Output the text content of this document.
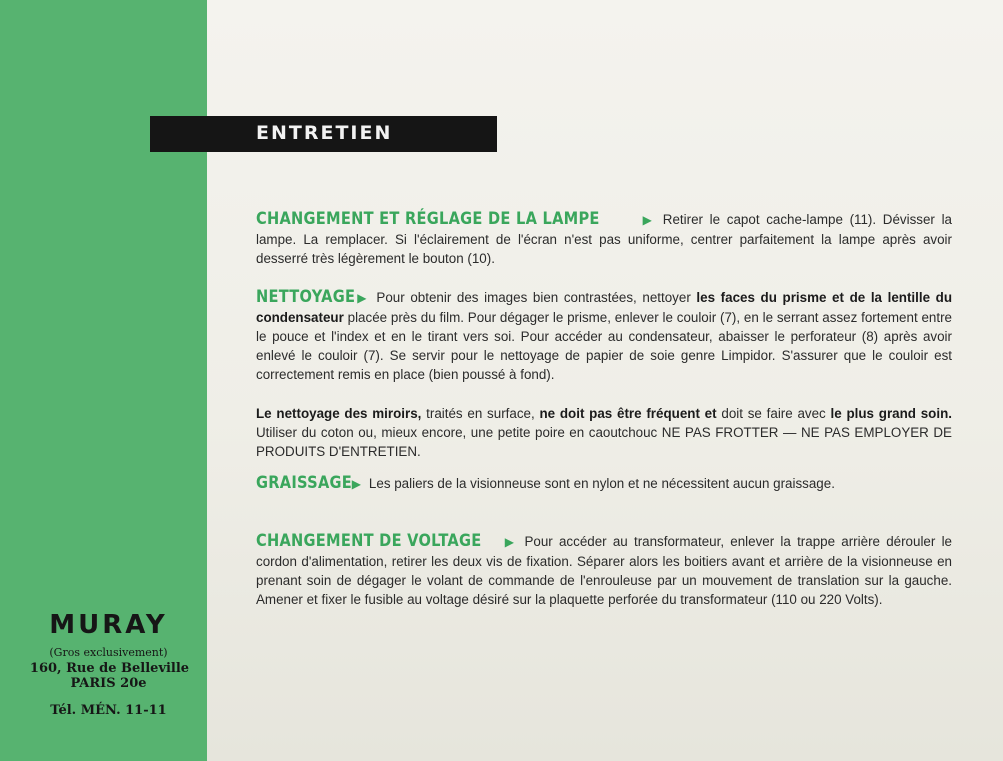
ENTRETIEN
CHANGEMENT ET RÉGLAGE DE LA LAMPE	▶ Retirer le capot cache-lampe (11). Dévisser la lampe. La remplacer. Si l'éclairement de l'écran n'est pas uniforme, centrer parfaitement la lampe après avoir desserré très légèrement le bouton (10).
NETTOYAGE▶ Pour obtenir des images bien contrastées, nettoyer les faces du prisme et de la lentille du condensateur placée près du film. Pour dégager le prisme, enlever le couloir (7), en le serrant assez fortement entre le pouce et l'index et en le tirant vers soi. Pour accéder au condensateur, abaisser le perforateur (8) après avoir enlevé le couloir (7). Se servir pour le nettoyage de papier de soie genre Limpidor. S'assurer que le couloir est correctement remis en place (bien poussé à fond).
Le nettoyage des miroirs, traités en surface, ne doit pas être fréquent et doit se faire avec le plus grand soin. Utiliser du coton ou, mieux encore, une petite poire en caoutchouc NE PAS FROTTER — NE PAS EMPLOYER DE PRODUITS D'ENTRETIEN.
GRAISSAGE▶ Les paliers de la visionneuse sont en nylon et ne nécessitent aucun graissage.
CHANGEMENT DE VOLTAGE ▶ Pour accéder au transformateur, enlever la trappe arrière dérouler le cordon d'alimentation, retirer les deux vis de fixation. Séparer alors les boitiers avant et arrière de la visionneuse en prenant soin de dégager le volant de commande de l'enrouleuse par un mouvement de translation sur la gauche. Amener et fixer le fusible au voltage désiré sur la plaquette perforée du transformateur (110 ou 220 Volts).
MURAY
(Gros exclusivement)
160, Rue de Belleville
PARIS 20e
Tél. MÉN. 11-11
